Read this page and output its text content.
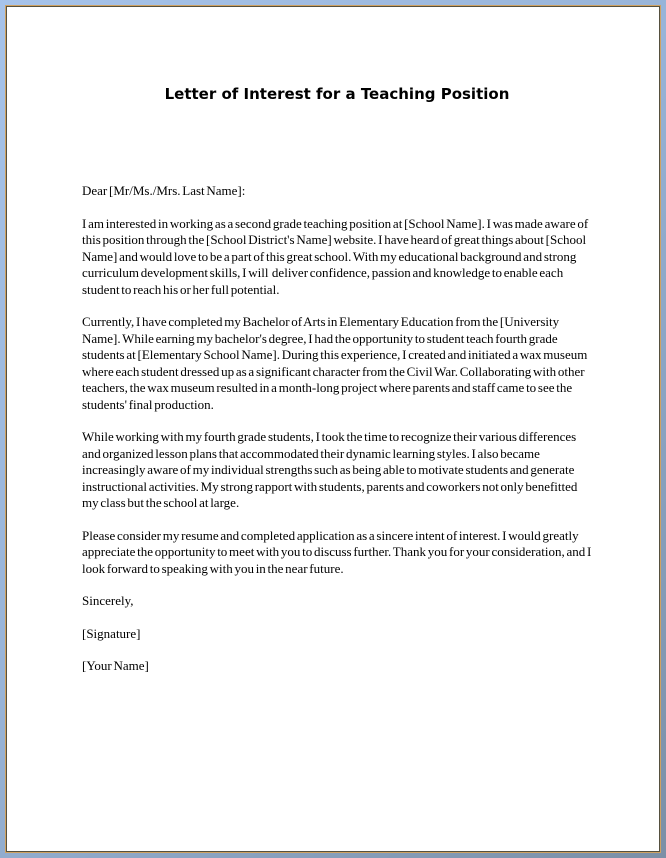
Letter of Interest for a Teaching Position

Dear [Mr/Ms./Mrs. Last Name]:

I am interested in working as a second grade teaching position at [School Name]. I was made aware of this position through the [School District's Name] website. I have heard of great things about [School Name] and would love to be a part of this great school. With my educational background and strong curriculum development skills, I will  deliver confidence, passion and knowledge to enable each student to reach his or her full potential.

Currently, I have completed my Bachelor of Arts in Elementary Education from the [University Name]. While earning my bachelor's degree, I had the opportunity to student teach fourth grade students at [Elementary School Name]. During this experience, I created and initiated a wax museum where each student dressed up as a significant character from the Civil War. Collaborating with other teachers, the wax museum resulted in a month-long project where parents and staff came to see the students' final production.

While working with my fourth grade students, I took the time to recognize their various differences and organized lesson plans that accommodated their dynamic learning styles. I also became increasingly aware of my individual strengths such as being able to motivate students and generate instructional activities. My strong rapport with students, parents and coworkers not only benefitted my class but the school at large.

Please consider my resume and completed application as a sincere intent of interest. I would greatly appreciate the opportunity to meet with you to discuss further. Thank you for your consideration, and I look forward to speaking with you in the near future.

Sincerely,

[Signature]

[Your Name]
